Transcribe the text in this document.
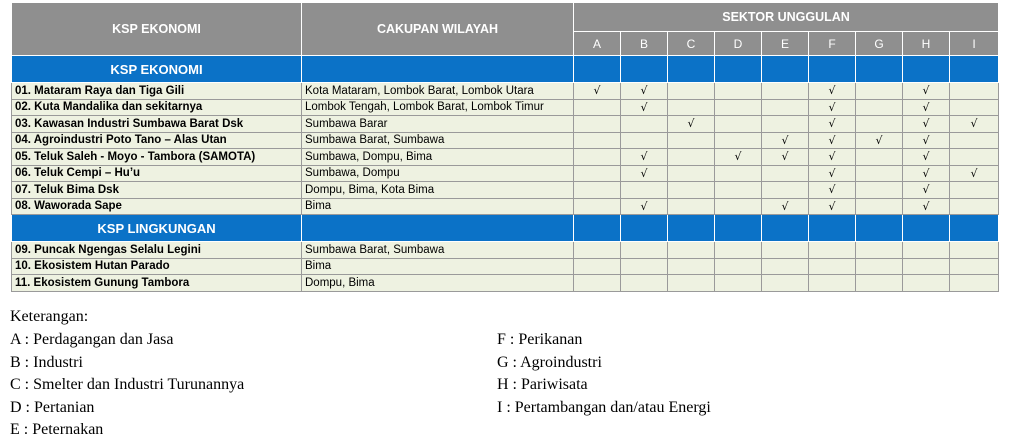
KSP EKONOMI	CAKUPAN WILAYAH	SEKTOR UNGGULAN								
		A	B	C	D	E	F	G	H	I
KSP EKONOMI										
01. Mataram Raya dan Tiga Gili	Kota Mataram, Lombok Barat, Lombok Utara	√	√				√		√	
02. Kuta Mandalika dan sekitarnya	Lombok Tengah, Lombok Barat, Lombok Timur		√				√		√	
03. Kawasan Industri Sumbawa Barat Dsk	Sumbawa Barar			√			√		√	√
04. Agroindustri Poto Tano – Alas Utan	Sumbawa Barat, Sumbawa					√	√	√	√	
05. Teluk Saleh - Moyo - Tambora (SAMOTA)	Sumbawa, Dompu, Bima		√		√	√	√		√	
06. Teluk Cempi – Hu’u	Sumbawa, Dompu		√				√		√	√
07. Teluk Bima Dsk	Dompu, Bima, Kota Bima						√		√	
08. Waworada Sape	Bima		√			√	√		√	
KSP LINGKUNGAN										
09. Puncak Ngengas Selalu Legini	Sumbawa Barat, Sumbawa									
10. Ekosistem Hutan Parado	Bima									
11. Ekosistem Gunung Tambora	Dompu, Bima									
Keterangan:
A : Perdagangan dan Jasa
B : Industri
C : Smelter dan Industri Turunannya
D : Pertanian
E : Peternakan
F : Perikanan
G : Agroindustri
H : Pariwisata
I : Pertambangan dan/atau Energi
